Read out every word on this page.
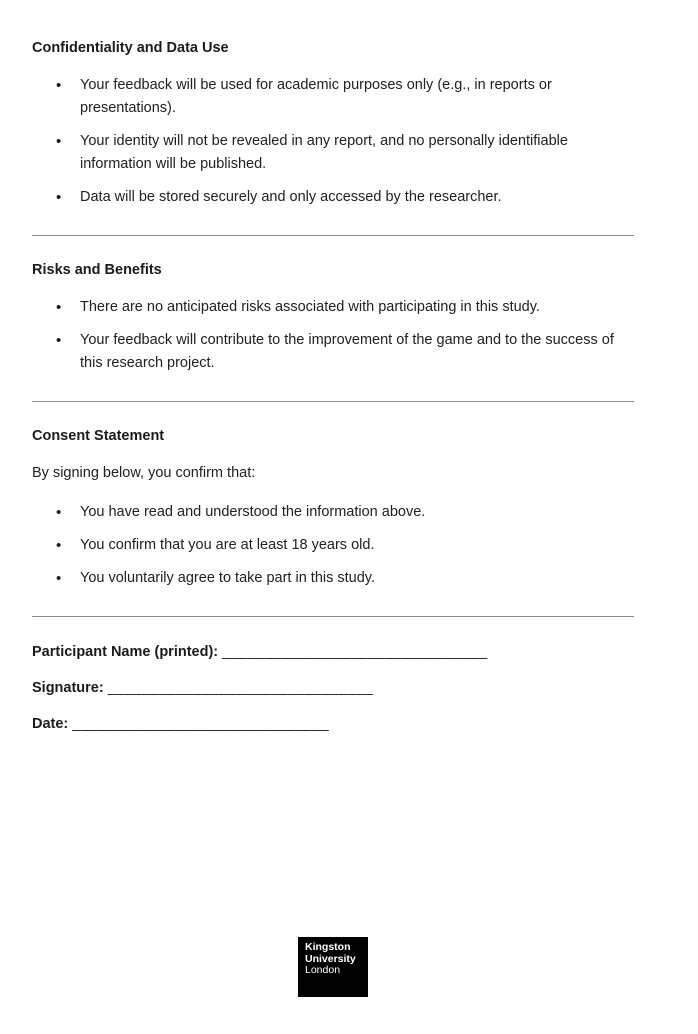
Confidentiality and Data Use
• Your feedback will be used for academic purposes only (e.g., in reports or presentations).
• Your identity will not be revealed in any report, and no personally identifiable information will be published.
• Data will be stored securely and only accessed by the researcher.
Risks and Benefits
• There are no anticipated risks associated with participating in this study.
• Your feedback will contribute to the improvement of the game and to the success of this research project.
Consent Statement

By signing below, you confirm that:

• You have read and understood the information above.
• You confirm that you are at least 18 years old.
• You voluntarily agree to take part in this study.

Participant Name (printed): _______________________________

Signature: _______________________________

Date: ______________________________

Kingston
University
London
